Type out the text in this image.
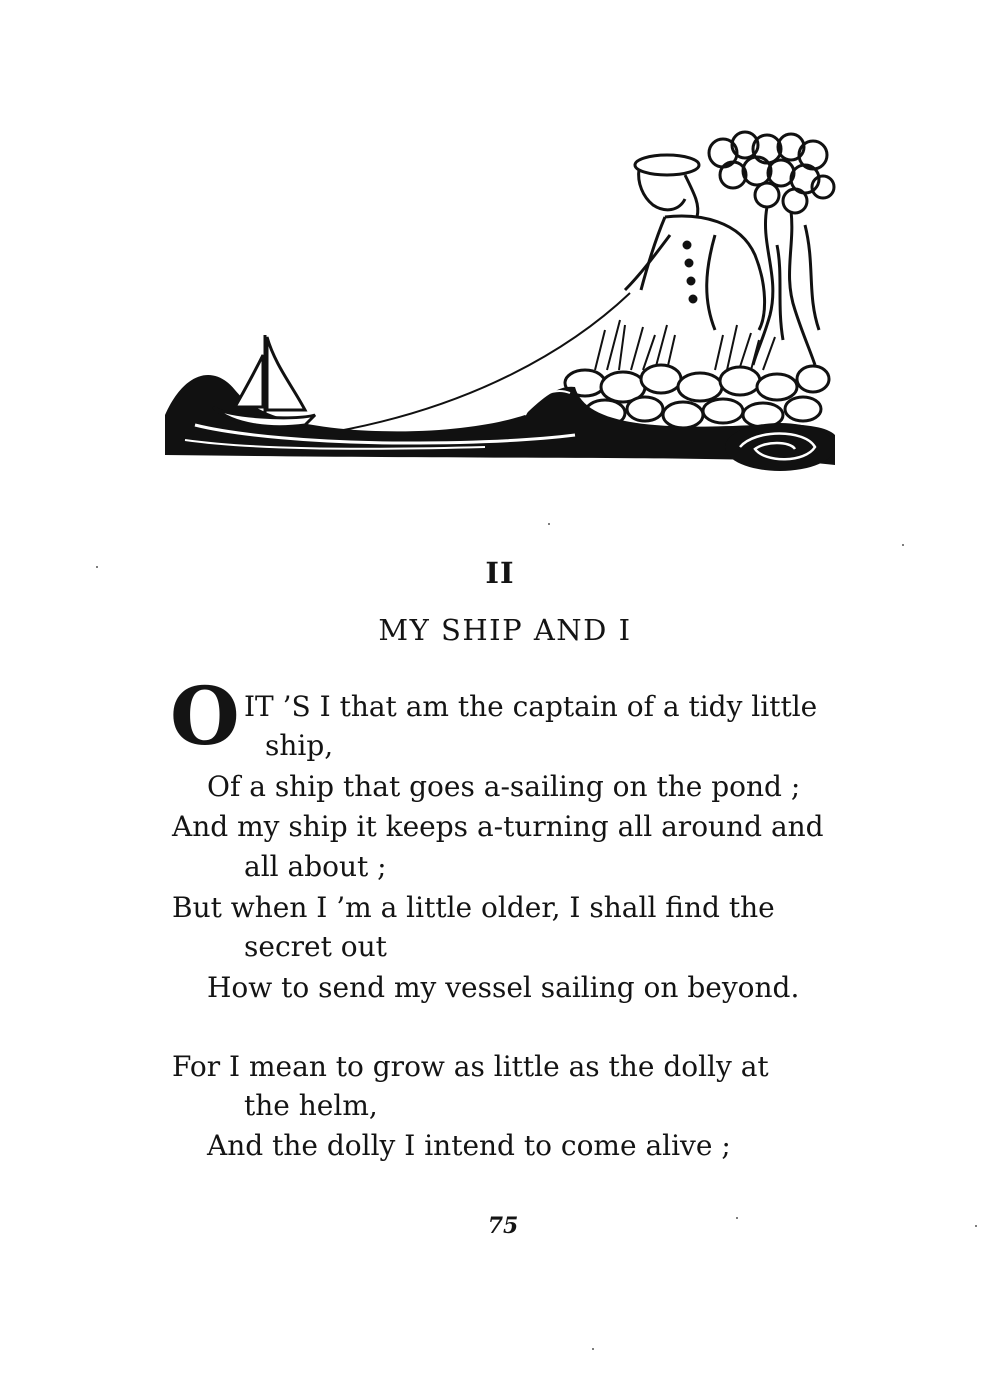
II
MY SHIP AND I
O IT ’S I that am the captain of a tidy little
ship,
Of a ship that goes a-sailing on the pond ;
And my ship it keeps a-turning all around and
all about ;
But when I ’m a little older, I shall find the
secret out
How to send my vessel sailing on beyond.
For I mean to grow as little as the dolly at
the helm,
And the dolly I intend to come alive ;
75
